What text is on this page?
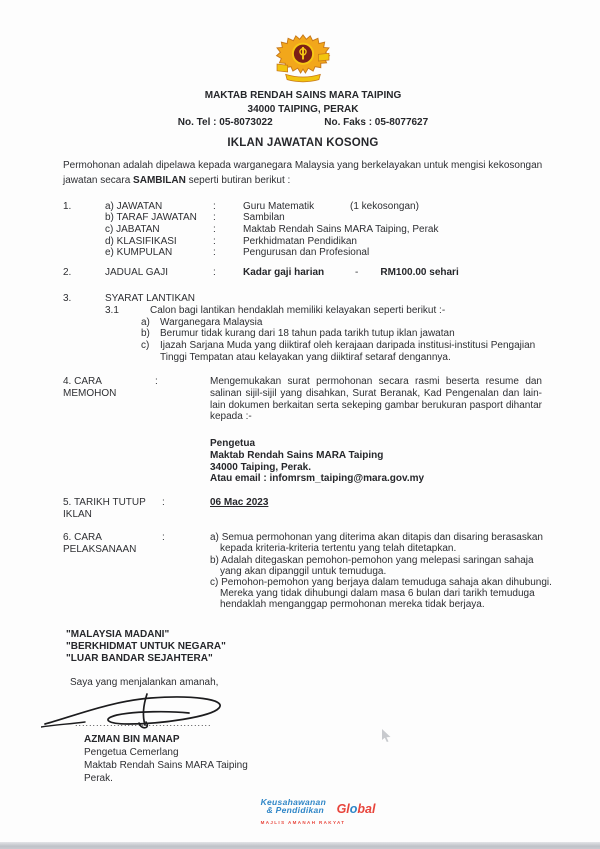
MAKTAB RENDAH SAINS MARA TAIPING
34000 TAIPING, PERAK
No. Tel : 05-8073022	No. Faks : 05-8077627
IKLAN JAWATAN KOSONG
Permohonan adalah dipelawa kepada warganegara Malaysia yang berkelayakan untuk mengisi kekosongan jawatan secara SAMBILAN seperti butiran berikut :
1.	a) JAWATAN	:	Guru Matematik	(1 kekosongan)
b) TARAF JAWATAN	:	Sambilan
c) JABATAN	:	Maktab Rendah Sains MARA Taiping, Perak
d) KLASIFIKASI	:	Perkhidmatan Pendidikan
e) KUMPULAN	:	Pengurusan dan Profesional
2.	JADUAL GAJI	:	Kadar gaji harian	- RM100.00 sehari
3.	SYARAT LANTIKAN
3.1	Calon bagi lantikan hendaklah memiliki kelayakan seperti berikut :-
a) Warganegara Malaysia
b) Berumur tidak kurang dari 18 tahun pada tarikh tutup iklan jawatan
c) Ijazah Sarjana Muda yang diiktiraf oleh kerajaan daripada institusi-institusi Pengajian Tinggi Tempatan atau kelayakan yang diiktiraf setaraf dengannya.
4. CARA MEMOHON
:	Mengemukakan surat permohonan secara rasmi beserta resume dan salinan sijil-sijil yang disahkan, Surat Beranak, Kad Pengenalan dan lain-lain dokumen berkaitan serta sekeping gambar berukuran pasport dihantar kepada :-
Pengetua
Maktab Rendah Sains MARA Taiping
34000 Taiping, Perak.
Atau email : infomrsm_taiping@mara.gov.my
5. TARIKH TUTUP IKLAN
:	06 Mac 2023
6. CARA PELAKSANAAN
:	a) Semua permohonan yang diterima akan ditapis dan disaring berasaskan kepada kriteria-kriteria tertentu yang telah ditetapkan.
b) Adalah ditegaskan pemohon-pemohon yang melepasi saringan sahaja yang akan dipanggil untuk temuduga.
c) Pemohon-pemohon yang berjaya dalam temuduga sahaja akan dihubungi. Mereka yang tidak dihubungi dalam masa 6 bulan dari tarikh temuduga hendaklah menganggap permohonan mereka tidak berjaya.
"MALAYSIA MADANI"
"BERKHIDMAT UNTUK NEGARA"
"LUAR BANDAR SEJAHTERA"
Saya yang menjalankan amanah,
.......................................
AZMAN BIN MANAP
Pengetua Cemerlang
Maktab Rendah Sains MARA Taiping
Perak.
Keusahawanan
& Pendidikan	Global
MAJLIS AMANAH RAKYAT
